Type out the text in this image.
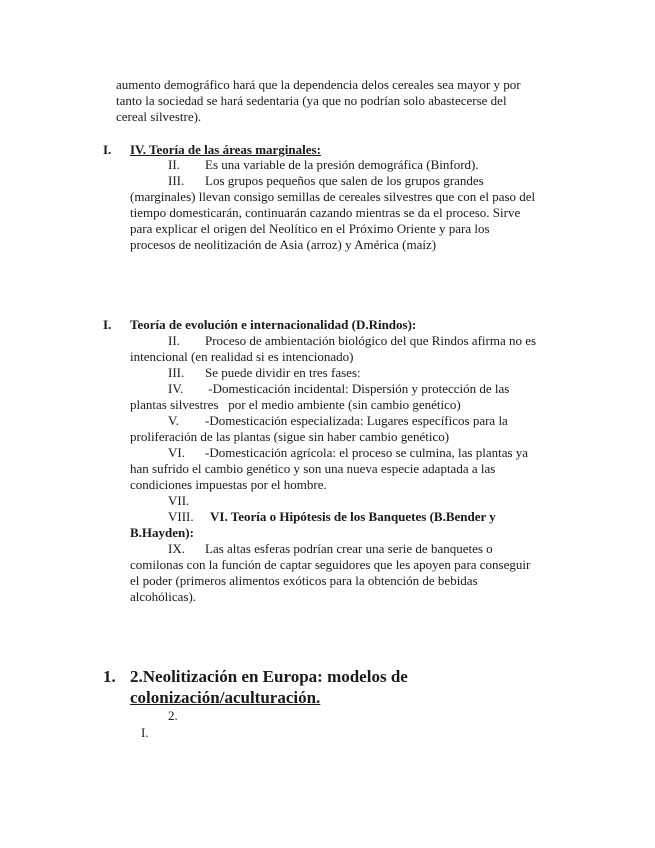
aumento demográfico hará que la dependencia delos cereales sea mayor y por
tanto la sociedad se hará sedentaria (ya que no podrían solo abastecerse del
cereal silvestre).
I. IV. Teoría de las áreas marginales:
II. Es una variable de la presión demográfica (Binford).
III. Los grupos pequeños que salen de los grupos grandes
(marginales) llevan consigo semillas de cereales silvestres que con el paso del
tiempo domesticarán, continuarán cazando mientras se da el proceso. Sirve
para explicar el origen del Neolítico en el Próximo Oriente y para los
procesos de neolitización de Asia (arroz) y América (maíz)
I. Teoría de evolución e internacionalidad (D.Rindos):
II. Proceso de ambientación biológico del que Rindos afirma no es
intencional (en realidad si es intencionado)
III. Se puede dividir en tres fases:
IV. -Domesticación incidental: Dispersión y protección de las
plantas silvestres   por el medio ambiente (sin cambio genético)
V. -Domesticación especializada: Lugares específicos para la
proliferación de las plantas (sigue sin haber cambio genético)
VI. -Domesticación agrícola: el proceso se culmina, las plantas ya
han sufrido el cambio genético y son una nueva especie adaptada a las
condiciones impuestas por el hombre.
VII.
VIII. VI. Teoría o Hipótesis de los Banquetes (B.Bender y
B.Hayden):
IX. Las altas esferas podrían crear una serie de banquetes o
comilonas con la función de captar seguidores que les apoyen para conseguir
el poder (primeros alimentos exóticos para la obtención de bebidas
alcohólicas).
1. 2.Neolitización en Europa: modelos de
colonización/aculturación.
2.
I.
